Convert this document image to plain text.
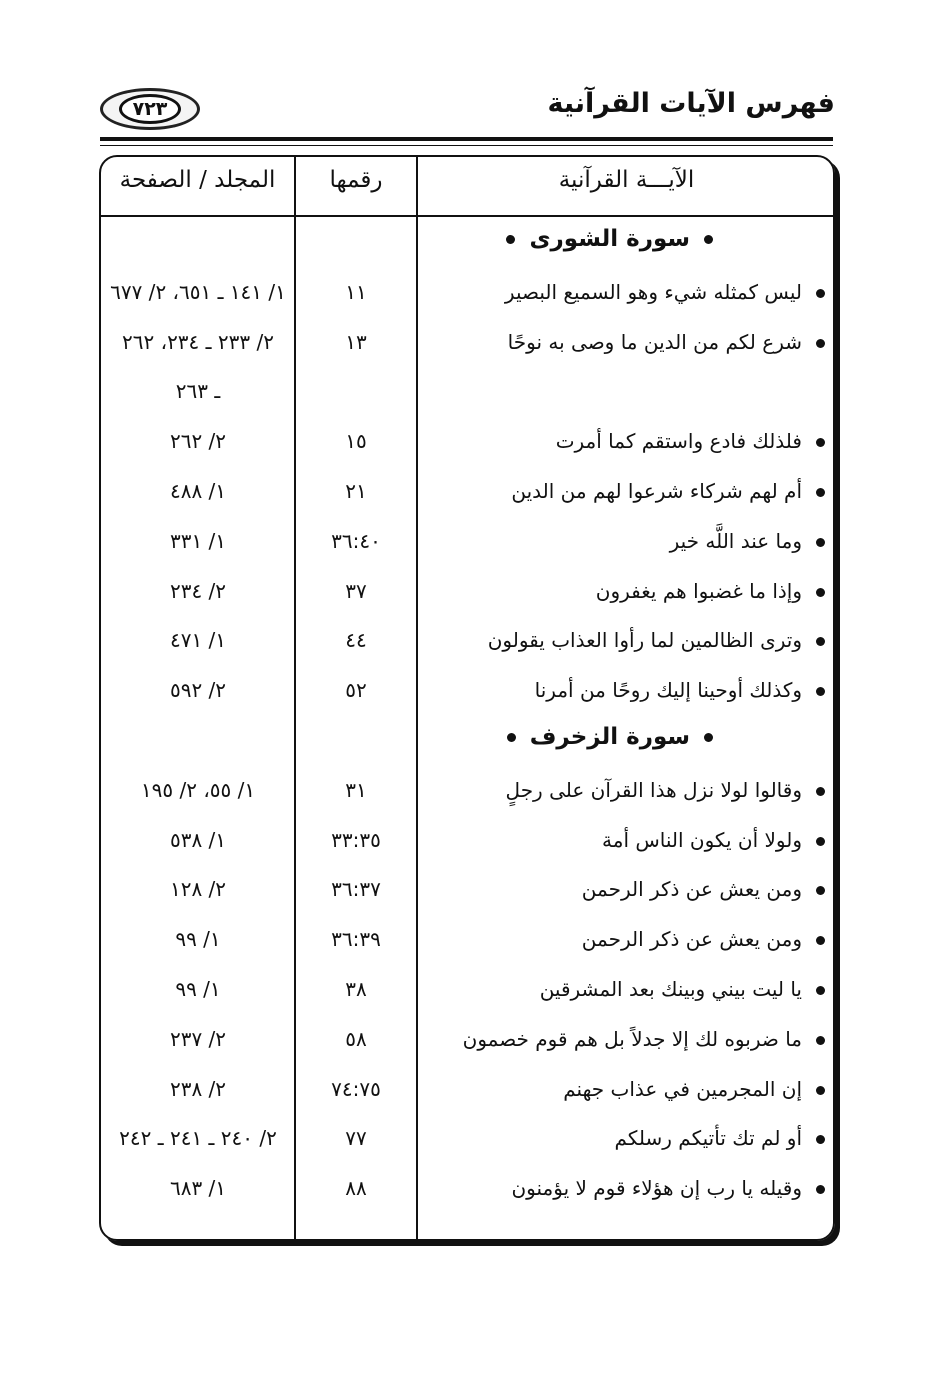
فهرس الآيات القرآنية
٧٢٣
الآيـــة القرآنية
رقمها
المجلد / الصفحة
سورة الشورى
ليس كمثله شيء وهو السميع البصير
١١
١/ ١٤١ ـ ٦٥١، ٢/ ٦٧٧
شرع لكم من الدين ما وصى به نوحًا
١٣
٢/ ٢٣٣ ـ ٢٣٤، ٢٦٢
ـ ٢٦٣
فلذلك فادع واستقم كما أمرت
١٥
٢/ ٢٦٢
أم لهم شركاء شرعوا لهم من الدين
٢١
١/ ٤٨٨
وما عند اللَّه خير
٣٦:٤٠
١/ ٣٣١
وإذا ما غضبوا هم يغفرون
٣٧
٢/ ٢٣٤
وترى الظالمين لما رأوا العذاب يقولون
٤٤
١/ ٤٧١
وكذلك أوحينا إليك روحًا من أمرنا
٥٢
٢/ ٥٩٢
سورة الزخرف
وقالوا لولا نزل هذا القرآن على رجلٍ
٣١
١/ ٥٥، ٢/ ١٩٥
ولولا أن يكون الناس أمة
٣٣:٣٥
١/ ٥٣٨
ومن يعش عن ذكر الرحمن
٣٦:٣٧
٢/ ١٢٨
ومن يعش عن ذكر الرحمن
٣٦:٣٩
١/ ٩٩
يا ليت بيني وبينك بعد المشرقين
٣٨
١/ ٩٩
ما ضربوه لك إلا جدلاً بل هم قوم خصمون
٥٨
٢/ ٢٣٧
إن المجرمين في عذاب جهنم
٧٤:٧٥
٢/ ٢٣٨
أو لم تك تأتيكم رسلكم
٧٧
٢/ ٢٤٠ ـ ٢٤١ ـ ٢٤٢
وقيله يا رب إن هؤلاء قوم لا يؤمنون
٨٨
١/ ٦٨٣
